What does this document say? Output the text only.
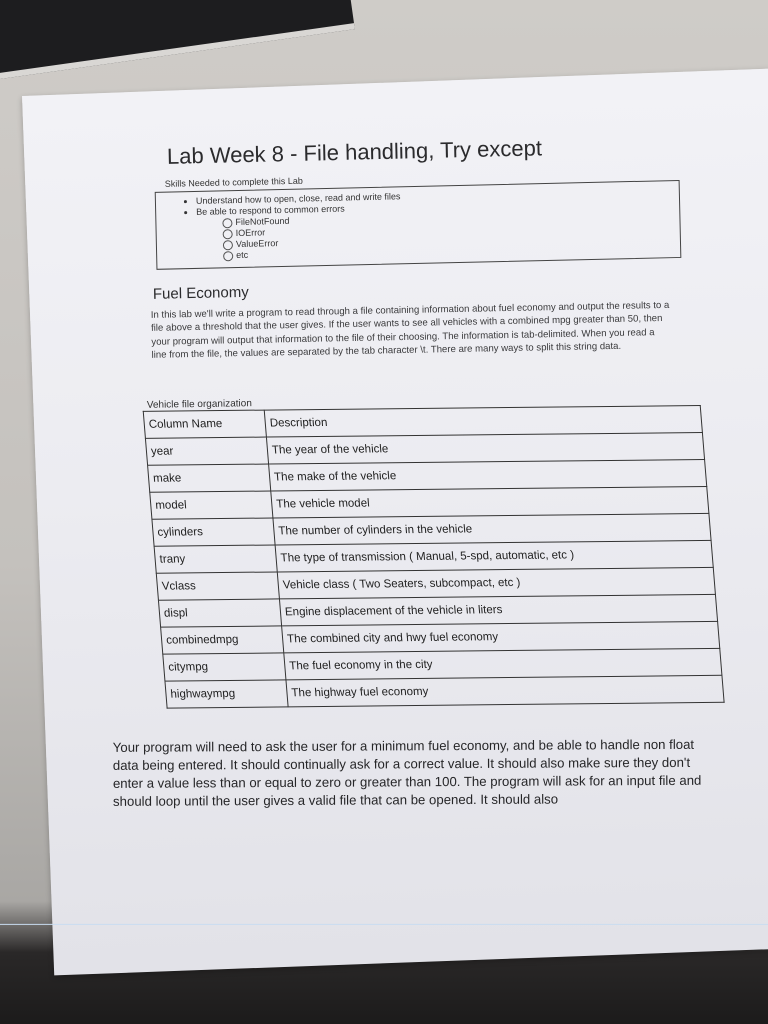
Lab Week 8 - File handling, Try except
Skills Needed to complete this Lab
• Understand how to open, close, read and write files
• Be able to respond to common errors
FileNotFound
IOError
ValueError
etc
Fuel Economy
In this lab we'll write a program to read through a file containing information about fuel economy and output the results to a file above a threshold that the user gives. If the user wants to see all vehicles with a combined mpg greater than 50, then your program will output that information to the file of their choosing. The information is tab-delimited. When you read a line from the file, the values are separated by the tab character \t. There are many ways to split this string data.
Vehicle file organization
Column Name	Description
year	The year of the vehicle
make	The make of the vehicle
model	The vehicle model
cylinders	The number of cylinders in the vehicle
trany	The type of transmission ( Manual, 5-spd, automatic, etc )
Vclass	Vehicle class ( Two Seaters, subcompact, etc )
displ	Engine displacement of the vehicle in liters
combinedmpg	The combined city and hwy fuel economy
citympg	The fuel economy in the city
highwaympg	The highway fuel economy
Your program will need to ask the user for a minimum fuel economy, and be able to handle non float data being entered. It should continually ask for a correct value. It should also make sure they don't enter a value less than or equal to zero or greater than 100. The program will ask for an input file and should loop until the user gives a valid file that can be opened. It should also
